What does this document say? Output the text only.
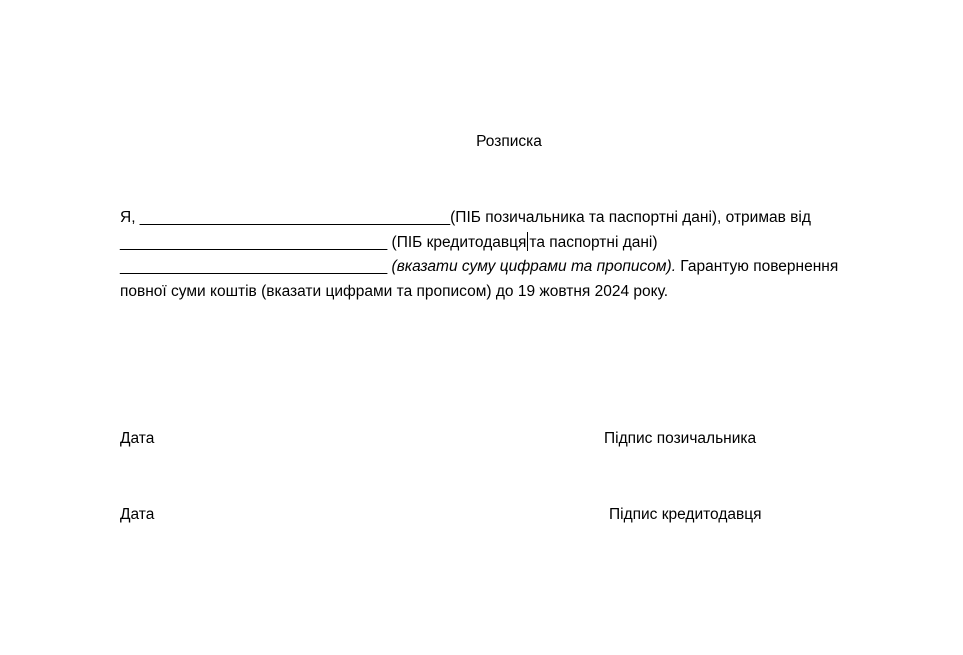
Розписка
Я, ____________________________________(ПІБ позичальника та паспортні дані), отримав від
_______________________________ (ПІБ кредитодавця та паспортні дані)
_______________________________ (вказати суму цифрами та прописом). Гарантую повернення
повної суми коштів (вказати цифрами та прописом) до 19 жовтня 2024 року.
Дата	Підпис позичальника
Дата	Підпис кредитодавця
